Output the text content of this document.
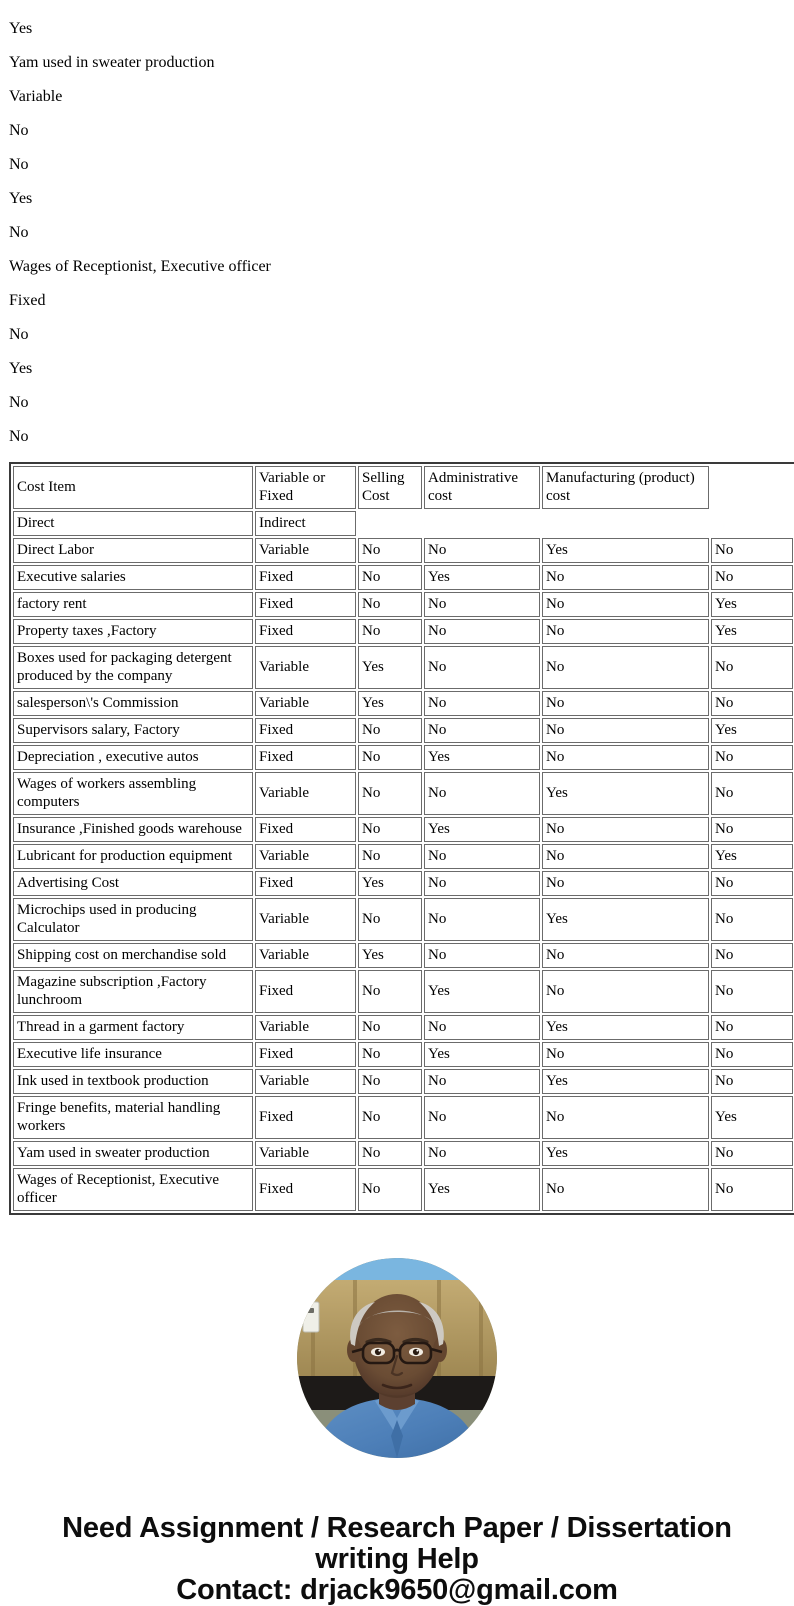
Yes

Yam used in sweater production

Variable

No

No

Yes

No

Wages of Receptionist, Executive officer

Fixed

No

Yes

No

No

Cost Item	Variable or Fixed	Selling Cost	Administrative cost	Manufacturing (product) cost	
Direct	Indirect				
Direct Labor	Variable	No	No	Yes	No
Executive salaries	Fixed	No	Yes	No	No
factory rent	Fixed	No	No	No	Yes
Property taxes ,Factory	Fixed	No	No	No	Yes
Boxes used for packaging detergent produced by the company	Variable	Yes	No	No	No
salesperson\'s Commission	Variable	Yes	No	No	No
Supervisors salary, Factory	Fixed	No	No	No	Yes
Depreciation , executive autos	Fixed	No	Yes	No	No
Wages of workers assembling computers	Variable	No	No	Yes	No
Insurance ,Finished goods warehouse	Fixed	No	Yes	No	No
Lubricant for production equipment	Variable	No	No	No	Yes
Advertising Cost	Fixed	Yes	No	No	No
Microchips used in producing Calculator	Variable	No	No	Yes	No
Shipping cost on merchandise sold	Variable	Yes	No	No	No
Magazine subscription ,Factory lunchroom	Fixed	No	Yes	No	No
Thread in a garment factory	Variable	No	No	Yes	No
Executive life insurance	Fixed	No	Yes	No	No
Ink used in textbook production	Variable	No	No	Yes	No
Fringe benefits, material handling workers	Fixed	No	No	No	Yes
Yam used in sweater production	Variable	No	No	Yes	No
Wages of Receptionist, Executive officer	Fixed	No	Yes	No	No
Need Assignment / Research Paper / Dissertation writing Help
Contact: drjack9650@gmail.com
